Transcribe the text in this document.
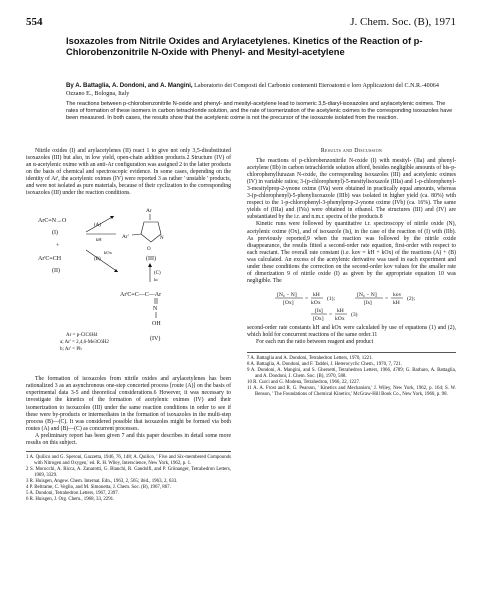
554	J. Chem. Soc. (B), 1971
Isoxazoles from Nitrile Oxides and Arylacetylenes. Kinetics of the Reaction of p-Chlorobenzonitrile N-Oxide with Phenyl- and Mesityl-acetylene
By A. Battaglia, A. Dondoni, and A. Mangini, Laboratorio dei Composti del Carbonio contenenti Eteroatomi e loro Applicazioni del C.N.R.-40064 Ozzano E., Bologna, Italy
The reactions between p-chlorobenzonitrile N-oxide and phenyl- and mesityl-acetylene lead to isomeric 3,5-diaryl-isoxazoles and arylacetylenic oximes. The rates of formation of these isomers in carbon tetrachloride solution, and the rate of isomerization of the acetylenic oximes to the corresponding isoxazoles have been measured. In both cases, the results show that the acetylenic oxime is not the precursor of the isoxazole isolated from the reaction.

Nitrile oxides (I) and arylacetylenes (II) react 1 to give not only 3,5-disubstituted isoxazoles (III) but also, in low yield, open-chain addition products.2 Structure (IV) of an α-acetylenic oxime with an anti-Ar configuration was assigned 2 to the latter products on the basis of chemical and spectroscopic evidence. In some cases, depending on the identity of Ar', the acetylenic oximes (IV) were reported 3 as rather ' unstable ' products, and were not isolated as pure materials, because of their cyclization to the corresponding isoxazoles (III) under the reaction conditions.

ArC≡N→O
(I)
+
Ar'C≡CH
(II)
(A)
kH
(B)
kOx
Ar
N
O
Ar'
(III)
(C)
kc
Ar'C≡C—C—Ar
N
OH
(IV)
Ar = p-ClC6H4
a; Ar' = 2,4,6-Me3C6H2
b; Ar' = Ph

The formation of isoxazoles from nitrile oxides and arylacetylenes has been rationalized 3 as an asynchronous one-step concerted process [route (A)] on the basis of experimental data 3-5 and theoretical considerations.6 However, it was necessary to investigate the kinetics of the formation of acetylenic oximes (IV) and their isomerization to isoxazoles (III) under the same reaction conditions in order to see if these were by-products or intermediates in the formation of isoxazoles in the multi-step process (B)—(C). It was considered possible that isoxazoles might be formed via both routes (A) and (B)—(C) as concurrent processes.

A preliminary report has been given 7 and this paper describes in detail some more results on this subject.

1 A. Quilico and G. Speroni, Gazzetta, 1946, 76, 148; A. Quilico, ' Five and Six-membered Compounds with Nitrogen and Oxygen,' ed. R. H. Wiley, Interscience, New York, 1962, p. 1.

2 S. Morocchi, A. Ricca, A. Zanarotti, G. Bianchi, R. Gandolfi, and P. Grünanger, Tetrahedron Letters, 1969, 3329.

3 R. Huisgen, Angew. Chem. Internat. Edn., 1963, 2, 565; ibid., 1963, 2, 633.

4 P. Beltrame, C. Veglio, and M. Simonetta, J. Chem. Soc. (B), 1967, 867.

5 A. Dondoni, Tetrahedron Letters, 1967, 2397.

6 R. Huisgen, J. Org. Chem., 1968, 33, 2291.

Results and Discussion

The reactions of p-chlorobenzonitrile N-oxide (I) with mesityl- (IIa) and phenyl-acetylene (IIb) in carbon tetrachloride solution afford, besides negligible amounts of bis-p-chlorophenylfurazan N-oxide, the corresponding isoxazoles (III) and acetylenic oximes (IV) in variable ratios; 3-(p-chlorophenyl)-5-mesitylisoxazole (IIIa) and 1-p-chlorophenyl-3-mesitylprop-2-ynone oxime (IVa) were obtained in practically equal amounts, whereas 3-(p-chlorophenyl)-5-phenylisoxazole (IIIb) was isolated in higher yield (ca. 80%) with respect to the 1-p-chlorophenyl-3-phenylprop-2-ynone oxime (IVb) (ca. 16%). The same yields of (IIIa) and (IVa) were obtained in ethanol. The structures (III) and (IV) are substantiated by the i.r. and n.m.r. spectra of the products.8

Kinetic runs were followed by quantitative i.r. spectroscopy of nitrile oxide (N), acetylenic oxime (Ox), and of isoxazole (Is), in the case of the reaction of (I) with (IIb). As previously reported,9 when the reaction was followed by the nitrile oxide disappearance, the results fitted a second-order rate equation, first-order with respect to each reactant. The overall rate constant (i.e. kov = kH + kOx) of the reactions (A) + (B) was calculated. An excess of the acetylenic derivative was used in each experiment and under these conditions the correction on the second-order kov values for the smaller rate of dimerization 9 of nitrile oxide (I) as given by the appropriate equation 10 was negligible. The

[N₀ − N]
[Ox]
=
kH
kOx
(1);
[N₀ − N]
[Is]
=
kov
kH
(2);
[Is]
[Ox]
=
kH
kOx
(3)

second-order rate constants kH and kOx were calculated by use of equations (1) and (2), which hold for concurrent reactions of the same order.11

For each run the ratio between reagent and product

7 A. Battaglia and A. Dondoni, Tetrahedron Letters, 1970, 1221.

8 A. Battaglia, A. Dondoni, and F. Taddei, J. Heterocyclic Chem., 1970, 7, 721.

9 A. Dondoni, A. Mangini, and S. Ghersetti, Tetrahedron Letters, 1966, 4789; G. Barbaro, A. Battaglia, and A. Dondoni, J. Chem. Soc. (B), 1970, 588.

10 R. Curci and G. Modena, Tetrahedron, 1966, 22, 1227.

11 A. A. Frost and R. G. Pearson, ' Kinetics and Mechanism,' J. Wiley, New York, 1962, p. 164; S. W. Benson, ' The Foundations of Chemical Kinetics,' McGraw-Hill Book Co., New York, 1960, p. 98.
